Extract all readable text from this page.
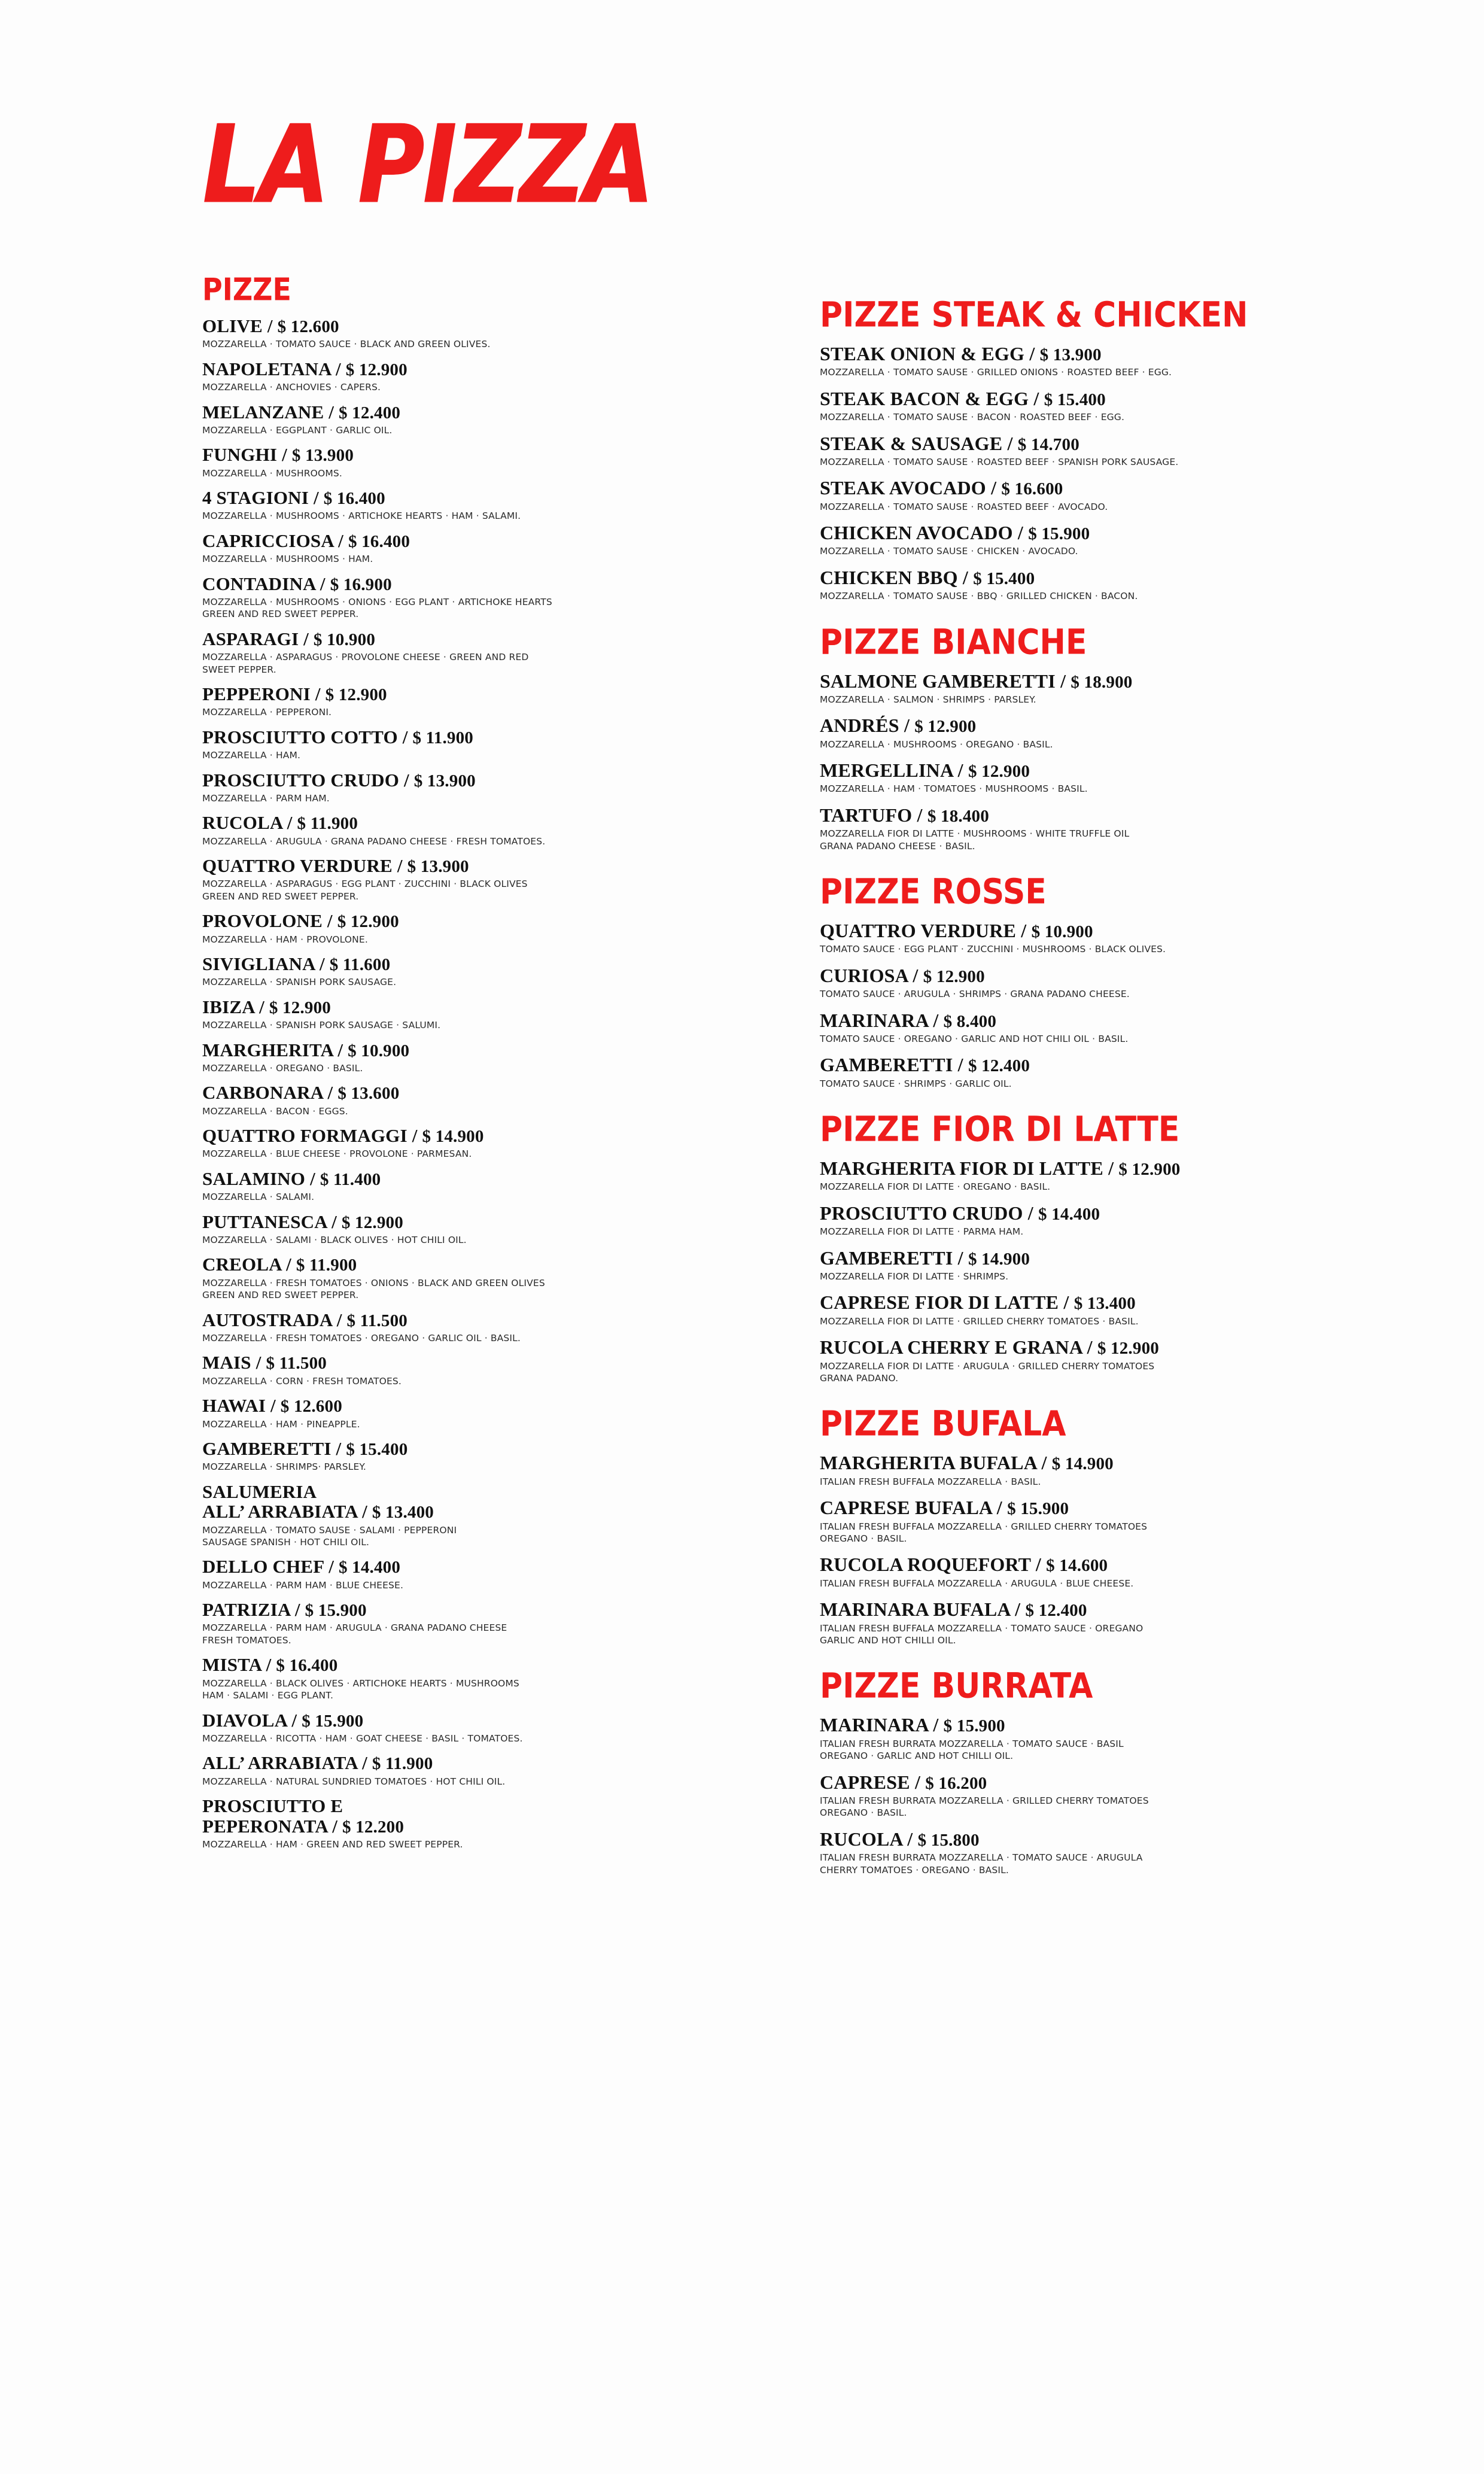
LA PIZZA
PIZZE
OLIVE / $ 12.600
MOZZARELLA · TOMATO SAUCE · BLACK AND GREEN OLIVES.
NAPOLETANA / $ 12.900
MOZZARELLA · ANCHOVIES · CAPERS.
MELANZANE / $ 12.400
MOZZARELLA · EGGPLANT · GARLIC OIL.
FUNGHI / $ 13.900
MOZZARELLA · MUSHROOMS.
4 STAGIONI / $ 16.400
MOZZARELLA · MUSHROOMS · ARTICHOKE HEARTS · HAM · SALAMI.
CAPRICCIOSA / $ 16.400
MOZZARELLA · MUSHROOMS · HAM.
CONTADINA / $ 16.900
MOZZARELLA · MUSHROOMS · ONIONS · EGG PLANT · ARTICHOKE HEARTS
GREEN AND RED SWEET PEPPER.
ASPARAGI / $ 10.900
MOZZARELLA · ASPARAGUS · PROVOLONE CHEESE · GREEN AND RED
SWEET PEPPER.
PEPPERONI / $ 12.900
MOZZARELLA · PEPPERONI.
PROSCIUTTO COTTO / $ 11.900
MOZZARELLA · HAM.
PROSCIUTTO CRUDO / $ 13.900
MOZZARELLA · PARM HAM.
RUCOLA / $ 11.900
MOZZARELLA · ARUGULA · GRANA PADANO CHEESE · FRESH TOMATOES.
QUATTRO VERDURE / $ 13.900
MOZZARELLA · ASPARAGUS · EGG PLANT · ZUCCHINI · BLACK OLIVES
GREEN AND RED SWEET PEPPER.
PROVOLONE / $ 12.900
MOZZARELLA · HAM · PROVOLONE.
SIVIGLIANA / $ 11.600
MOZZARELLA · SPANISH PORK SAUSAGE.
IBIZA / $ 12.900
MOZZARELLA · SPANISH PORK SAUSAGE · SALUMI.
MARGHERITA / $ 10.900
MOZZARELLA · OREGANO · BASIL.
CARBONARA / $ 13.600
MOZZARELLA · BACON · EGGS.
QUATTRO FORMAGGI / $ 14.900
MOZZARELLA · BLUE CHEESE · PROVOLONE · PARMESAN.
SALAMINO / $ 11.400
MOZZARELLA · SALAMI.
PUTTANESCA / $ 12.900
MOZZARELLA · SALAMI · BLACK OLIVES · HOT CHILI OIL.
CREOLA / $ 11.900
MOZZARELLA · FRESH TOMATOES · ONIONS · BLACK AND GREEN OLIVES
GREEN AND RED SWEET PEPPER.
AUTOSTRADA / $ 11.500
MOZZARELLA · FRESH TOMATOES · OREGANO · GARLIC OIL · BASIL.
MAIS / $ 11.500
MOZZARELLA · CORN · FRESH TOMATOES.
HAWAI / $ 12.600
MOZZARELLA · HAM · PINEAPPLE.
GAMBERETTI / $ 15.400
MOZZARELLA · SHRIMPS· PARSLEY.
SALUMERIA
ALL’ ARRABIATA / $ 13.400
MOZZARELLA · TOMATO SAUSE · SALAMI · PEPPERONI
SAUSAGE SPANISH · HOT CHILI OIL.
DELLO CHEF / $ 14.400
MOZZARELLA · PARM HAM · BLUE CHEESE.
PATRIZIA / $ 15.900
MOZZARELLA · PARM HAM · ARUGULA · GRANA PADANO CHEESE
FRESH TOMATOES.
MISTA / $ 16.400
MOZZARELLA · BLACK OLIVES · ARTICHOKE HEARTS · MUSHROOMS
HAM · SALAMI · EGG PLANT.
DIAVOLA / $ 15.900
MOZZARELLA · RICOTTA · HAM · GOAT CHEESE · BASIL · TOMATOES.
ALL’ ARRABIATA / $ 11.900
MOZZARELLA · NATURAL SUNDRIED TOMATOES · HOT CHILI OIL.
PROSCIUTTO E
PEPERONATA / $ 12.200
MOZZARELLA · HAM · GREEN AND RED SWEET PEPPER.
PIZZE STEAK & CHICKEN
STEAK ONION & EGG / $ 13.900
MOZZARELLA · TOMATO SAUSE · GRILLED ONIONS · ROASTED BEEF · EGG.
STEAK BACON & EGG / $ 15.400
MOZZARELLA · TOMATO SAUSE · BACON · ROASTED BEEF · EGG.
STEAK & SAUSAGE / $ 14.700
MOZZARELLA · TOMATO SAUSE · ROASTED BEEF · SPANISH PORK SAUSAGE.
STEAK AVOCADO / $ 16.600
MOZZARELLA · TOMATO SAUSE · ROASTED BEEF · AVOCADO.
CHICKEN AVOCADO / $ 15.900
MOZZARELLA · TOMATO SAUSE · CHICKEN · AVOCADO.
CHICKEN BBQ / $ 15.400
MOZZARELLA · TOMATO SAUSE · BBQ · GRILLED CHICKEN · BACON.
PIZZE BIANCHE
SALMONE GAMBERETTI / $ 18.900
MOZZARELLA · SALMON · SHRIMPS · PARSLEY.
ANDRÉS / $ 12.900
MOZZARELLA · MUSHROOMS · OREGANO · BASIL.
MERGELLINA / $ 12.900
MOZZARELLA · HAM · TOMATOES · MUSHROOMS · BASIL.
TARTUFO / $ 18.400
MOZZARELLA FIOR DI LATTE · MUSHROOMS · WHITE TRUFFLE OIL
GRANA PADANO CHEESE · BASIL.
PIZZE ROSSE
QUATTRO VERDURE / $ 10.900
TOMATO SAUCE · EGG PLANT · ZUCCHINI · MUSHROOMS · BLACK OLIVES.
CURIOSA / $ 12.900
TOMATO SAUCE · ARUGULA · SHRIMPS · GRANA PADANO CHEESE.
MARINARA / $ 8.400
TOMATO SAUCE · OREGANO · GARLIC AND HOT CHILI OIL · BASIL.
GAMBERETTI / $ 12.400
TOMATO SAUCE · SHRIMPS · GARLIC OIL.
PIZZE FIOR DI LATTE
MARGHERITA FIOR DI LATTE / $ 12.900
MOZZARELLA FIOR DI LATTE · OREGANO · BASIL.
PROSCIUTTO CRUDO / $ 14.400
MOZZARELLA FIOR DI LATTE · PARMA HAM.
GAMBERETTI / $ 14.900
MOZZARELLA FIOR DI LATTE · SHRIMPS.
CAPRESE FIOR DI LATTE / $ 13.400
MOZZARELLA FIOR DI LATTE · GRILLED CHERRY TOMATOES · BASIL.
RUCOLA CHERRY E GRANA / $ 12.900
MOZZARELLA FIOR DI LATTE · ARUGULA · GRILLED CHERRY TOMATOES
GRANA PADANO.
PIZZE BUFALA
MARGHERITA BUFALA / $ 14.900
ITALIAN FRESH BUFFALA MOZZARELLA · BASIL.
CAPRESE BUFALA / $ 15.900
ITALIAN FRESH BUFFALA MOZZARELLA · GRILLED CHERRY TOMATOES
OREGANO · BASIL.
RUCOLA ROQUEFORT / $ 14.600
ITALIAN FRESH BUFFALA MOZZARELLA · ARUGULA · BLUE CHEESE.
MARINARA BUFALA / $ 12.400
ITALIAN FRESH BUFFALA MOZZARELLA · TOMATO SAUCE · OREGANO
GARLIC AND HOT CHILLI OIL.
PIZZE BURRATA
MARINARA / $ 15.900
ITALIAN FRESH BURRATA MOZZARELLA · TOMATO SAUCE · BASIL
OREGANO · GARLIC AND HOT CHILLI OIL.
CAPRESE / $ 16.200
ITALIAN FRESH BURRATA MOZZARELLA · GRILLED CHERRY TOMATOES
OREGANO · BASIL.
RUCOLA / $ 15.800
ITALIAN FRESH BURRATA MOZZARELLA · TOMATO SAUCE · ARUGULA
CHERRY TOMATOES · OREGANO · BASIL.
